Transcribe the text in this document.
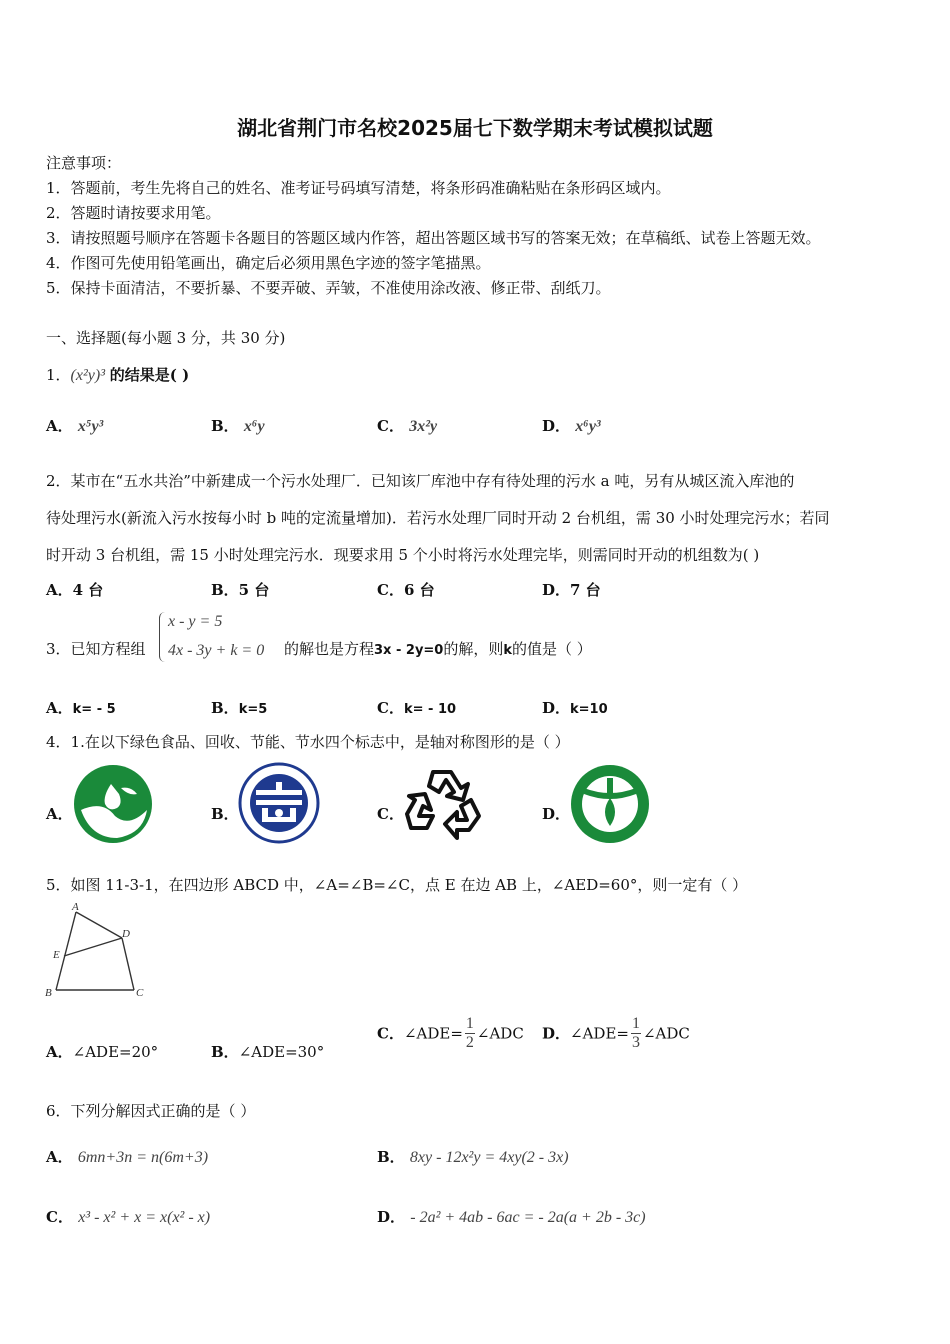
湖北省荆门市名校2025届七下数学期末考试模拟试题
注意事项：
1．答题前，考生先将自己的姓名、准考证号码填写清楚，将条形码准确粘贴在条形码区域内。
2．答题时请按要求用笔。
3．请按照题号顺序在答题卡各题目的答题区域内作答，超出答题区域书写的答案无效；在草稿纸、试卷上答题无效。
4．作图可先使用铅笔画出，确定后必须用黑色字迹的签字笔描黑。
5．保持卡面清洁，不要折暴、不要弄破、弄皱，不准使用涂改液、修正带、刮纸刀。
一、选择题(每小题 3 分，共 30 分)
1．(x²y)³ 的结果是( )
A． x⁵y³	B． x⁶y	C． 3x²y	D． x⁶y³
2．某市在“五水共治”中新建成一个污水处理厂．已知该厂库池中存有待处理的污水 a 吨，另有从城区流入库池的
待处理污水(新流入污水按每小时 b 吨的定流量增加)．若污水处理厂同时开动 2 台机组，需 30 小时处理完污水；若同
时开动 3 台机组，需 15 小时处理完污水．现要求用 5 个小时将污水处理完毕，则需同时开动的机组数为( )
A．4 台	B．5 台	C．6 台	D．7 台
3．已知方程组
x - y = 5
4x - 3y + k = 0 的解也是方程3x - 2y=0的解，则k的值是（ ）
A．k= - 5	B．k=5	C．k= - 10	D．k=10
4．1.在以下绿色食品、回收、节能、节水四个标志中，是轴对称图形的是（ ）
A．	B．	C．	D．
5．如图 11-3-1，在四边形 ABCD 中，∠A=∠B=∠C，点 E 在边 AB 上，∠AED=60°，则一定有（ ）
A
B	C
D
E
A．∠ADE=20°	B．∠ADE=30°
C．∠ADE= $\frac{1}{2}$ ∠ADC D．∠ADE= $\frac{1}{3}$ ∠ADC
6．下列分解因式正确的是（ ）
A． 6mn+3n = n(6m+3)	B． 8xy - 12x²y = 4xy(2 - 3x)
C． x³ - x² + x = x(x² - x)	D． - 2a² + 4ab - 6ac = - 2a(a + 2b - 3c)
